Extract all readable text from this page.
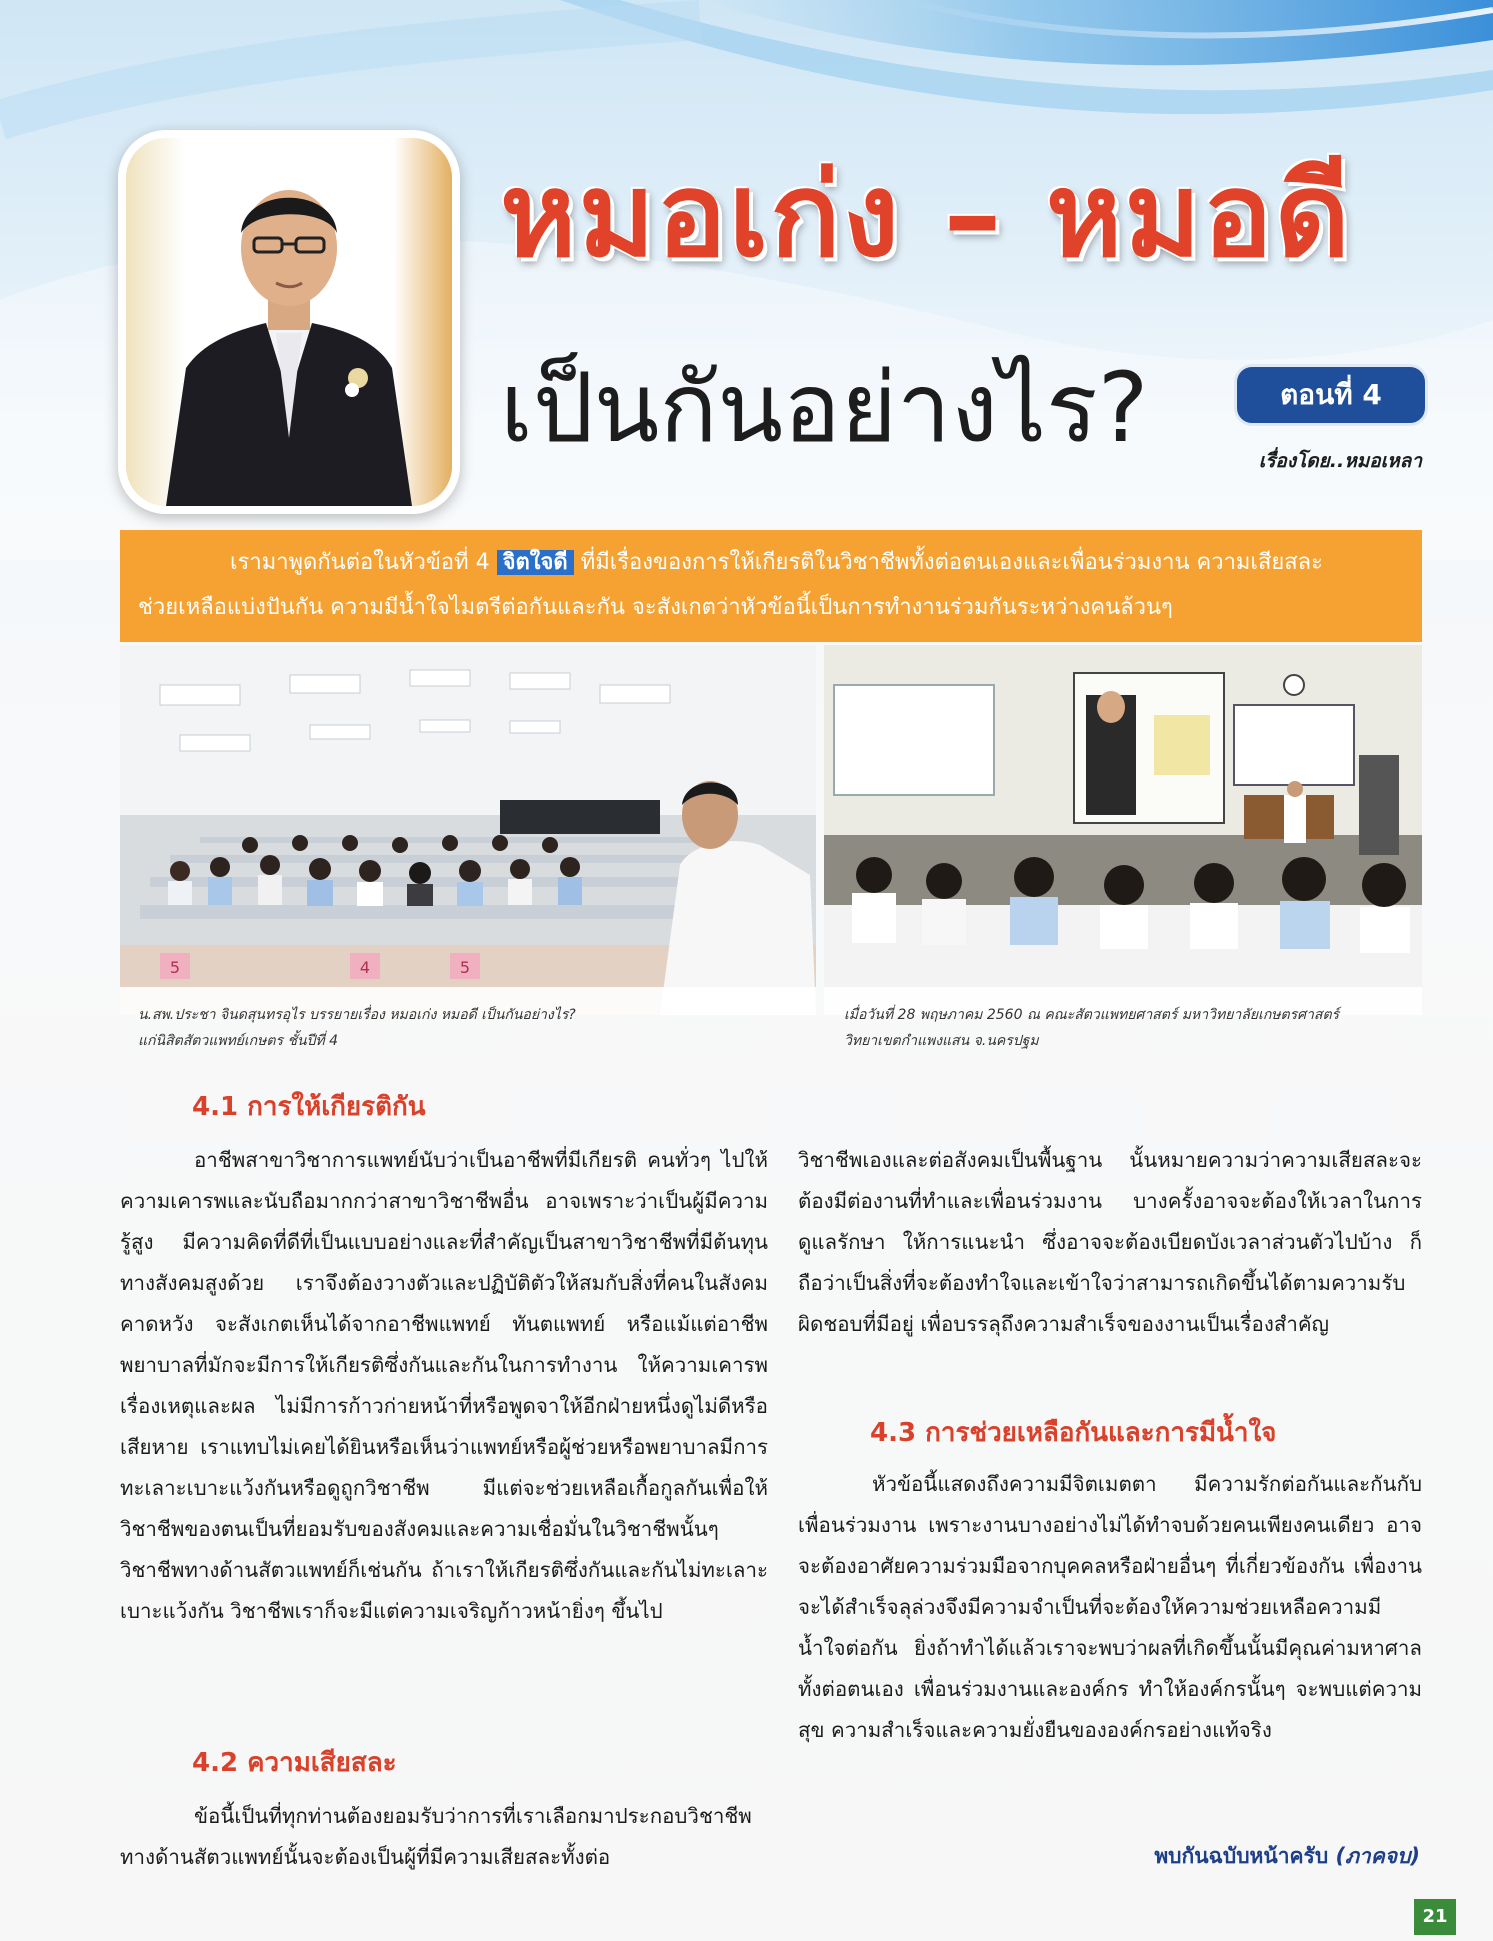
หมอเก่ง – หมอดี
เป็นกันอย่างไร?	ตอนที่ 4
เรื่องโดย..หมอเหลา
เรามาพูดกันต่อในหัวข้อที่ 4 จิตใจดี ที่มีเรื่องของการให้เกียรติในวิชาชีพทั้งต่อตนเองและเพื่อนร่วมงาน ความเสียสละ
ช่วยเหลือแบ่งปันกัน ความมีน้ำใจไมตรีต่อกันและกัน จะสังเกตว่าหัวข้อนี้เป็นการทำงานร่วมกันระหว่างคนล้วนๆ
5	4	5
น.สพ.ประชา จินดสุนทรอุไร บรรยายเรื่อง หมอเก่ง หมอดี เป็นกันอย่างไร?
แก่นิสิตสัตวแพทย์เกษตร ชั้นปีที่ 4
เมื่อวันที่ 28 พฤษภาคม 2560 ณ คณะสัตวแพทยศาสตร์ มหาวิทยาลัยเกษตรศาสตร์
วิทยาเขตกำแพงแสน จ.นครปฐม
4.1 การให้เกียรติกัน

อาชีพสาขาวิชาการแพทย์นับว่าเป็นอาชีพที่มีเกียรติ คนทั่วๆ ไปให้ความเคารพและนับถือมากกว่าสาขาวิชาชีพอื่น อาจเพราะว่าเป็นผู้มีความรู้สูง มีความคิดที่ดีที่เป็นแบบอย่างและที่สำคัญเป็นสาขาวิชาชีพที่มีต้นทุนทางสังคมสูงด้วย เราจึงต้องวางตัวและปฏิบัติตัวให้สมกับสิ่งที่คนในสังคมคาดหวัง จะสังเกตเห็นได้จากอาชีพแพทย์ ทันตแพทย์ หรือแม้แต่อาชีพพยาบาลที่มักจะมีการให้เกียรติซึ่งกันและกันในการทำงาน ให้ความเคารพเรื่องเหตุและผล ไม่มีการก้าวก่ายหน้าที่หรือพูดจาให้อีกฝ่ายหนึ่งดูไม่ดีหรือเสียหาย เราแทบไม่เคยได้ยินหรือเห็นว่าแพทย์หรือผู้ช่วยหรือพยาบาลมีการทะเลาะเบาะแว้งกันหรือดูถูกวิชาชีพ มีแต่จะช่วยเหลือเกื้อกูลกันเพื่อให้วิชาชีพของตนเป็นที่ยอมรับของสังคมและความเชื่อมั่นในวิชาชีพนั้นๆ วิชาชีพทางด้านสัตวแพทย์ก็เช่นกัน ถ้าเราให้เกียรติซึ่งกันและกันไม่ทะเลาะเบาะแว้งกัน วิชาชีพเราก็จะมีแต่ความเจริญก้าวหน้ายิ่งๆ ขึ้นไป

4.2 ความเสียสละ

ข้อนี้เป็นที่ทุกท่านต้องยอมรับว่าการที่เราเลือกมาประกอบวิชาชีพทางด้านสัตวแพทย์นั้นจะต้องเป็นผู้ที่มีความเสียสละทั้งต่อ

วิชาชีพเองและต่อสังคมเป็นพื้นฐาน นั้นหมายความว่าความเสียสละจะต้องมีต่องานที่ทำและเพื่อนร่วมงาน บางครั้งอาจจะต้องให้เวลาในการดูแลรักษา ให้การแนะนำ ซึ่งอาจจะต้องเบียดบังเวลาส่วนตัวไปบ้าง ก็ถือว่าเป็นสิ่งที่จะต้องทำใจและเข้าใจว่าสามารถเกิดขึ้นได้ตามความรับผิดชอบที่มีอยู่ เพื่อบรรลุถึงความสำเร็จของงานเป็นเรื่องสำคัญ

4.3 การช่วยเหลือกันและการมีน้ำใจ

หัวข้อนี้แสดงถึงความมีจิตเมตตา มีความรักต่อกันและกันกับเพื่อนร่วมงาน เพราะงานบางอย่างไม่ได้ทำจบด้วยคนเพียงคนเดียว อาจจะต้องอาศัยความร่วมมือจากบุคคลหรือฝ่ายอื่นๆ ที่เกี่ยวข้องกัน เพื่องานจะได้สำเร็จลุล่วงจึงมีความจำเป็นที่จะต้องให้ความช่วยเหลือความมีน้ำใจต่อกัน ยิ่งถ้าทำได้แล้วเราจะพบว่าผลที่เกิดขึ้นนั้นมีคุณค่ามหาศาลทั้งต่อตนเอง เพื่อนร่วมงานและองค์กร ทำให้องค์กรนั้นๆ จะพบแต่ความสุข ความสำเร็จและความยั่งยืนขององค์กรอย่างแท้จริง

พบกันฉบับหน้าครับ (ภาคจบ)
21
